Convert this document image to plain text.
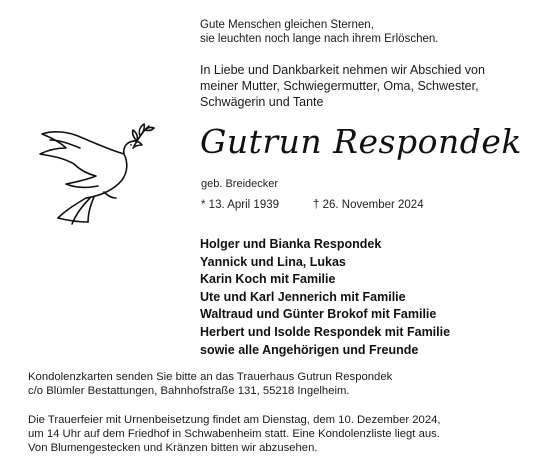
Gute Menschen gleichen Sternen,
sie leuchten noch lange nach ihrem Erlöschen.
In Liebe und Dankbarkeit nehmen wir Abschied von
meiner Mutter, Schwiegermutter, Oma, Schwester,
Schwägerin und Tante
Gutrun Respondek
geb. Breidecker
* 13. April 1939	† 26. November 2024
Holger und Bianka Respondek
Yannick und Lina, Lukas
Karin Koch mit Familie
Ute und Karl Jennerich mit Familie
Waltraud und Günter Brokof mit Familie
Herbert und Isolde Respondek mit Familie
sowie alle Angehörigen und Freunde
Kondolenzkarten senden Sie bitte an das Trauerhaus Gutrun Respondek
c/o Blümler Bestattungen, Bahnhofstraße 131, 55218 Ingelheim.
Die Trauerfeier mit Urnenbeisetzung findet am Dienstag, dem 10. Dezember 2024,
um 14 Uhr auf dem Friedhof in Schwabenheim statt. Eine Kondolenzliste liegt aus.
Von Blumengestecken und Kränzen bitten wir abzusehen.
